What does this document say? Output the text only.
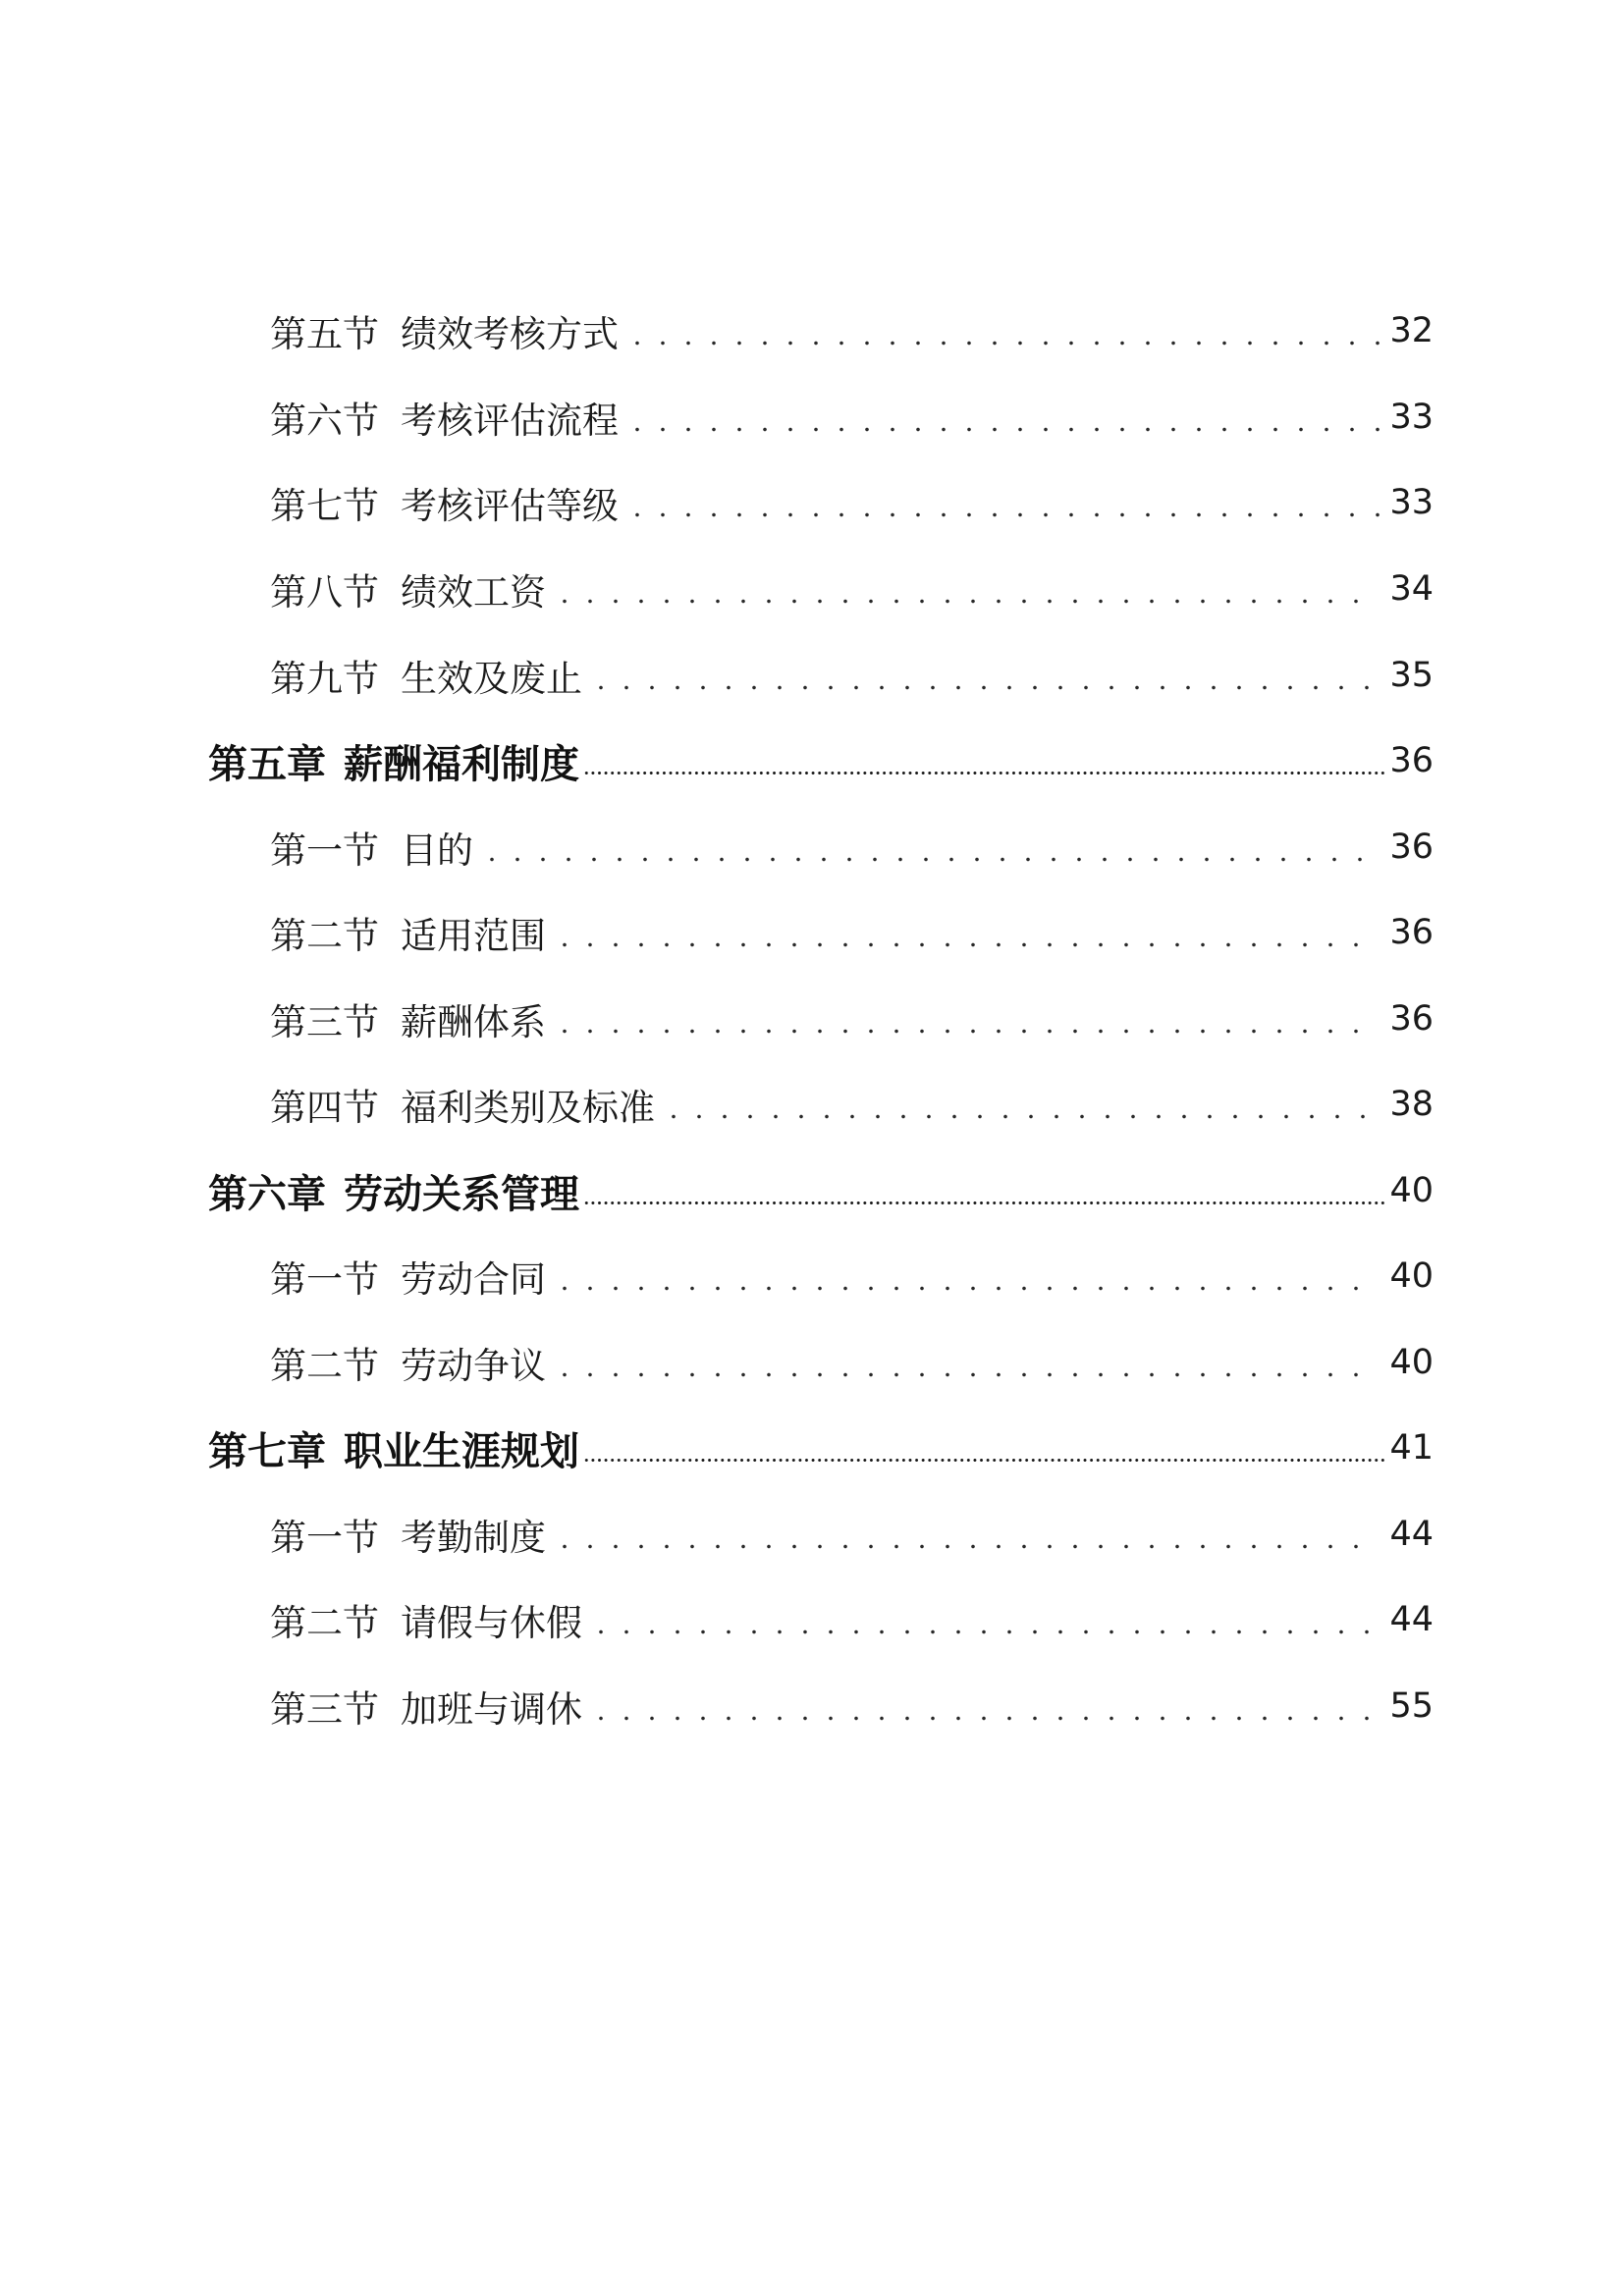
第五节 绩效考核方式	32
第六节 考核评估流程	33
第七节 考核评估等级	33
第八节 绩效工资	34
第九节 生效及废止	35
第五章 薪酬福利制度	36
第一节 目的	36
第二节 适用范围	36
第三节 薪酬体系	36
第四节 福利类别及标准	38
第六章 劳动关系管理	40
第一节 劳动合同	40
第二节 劳动争议	40
第七章 职业生涯规划	41
第一节 考勤制度	44
第二节 请假与休假	44
第三节 加班与调休	55
